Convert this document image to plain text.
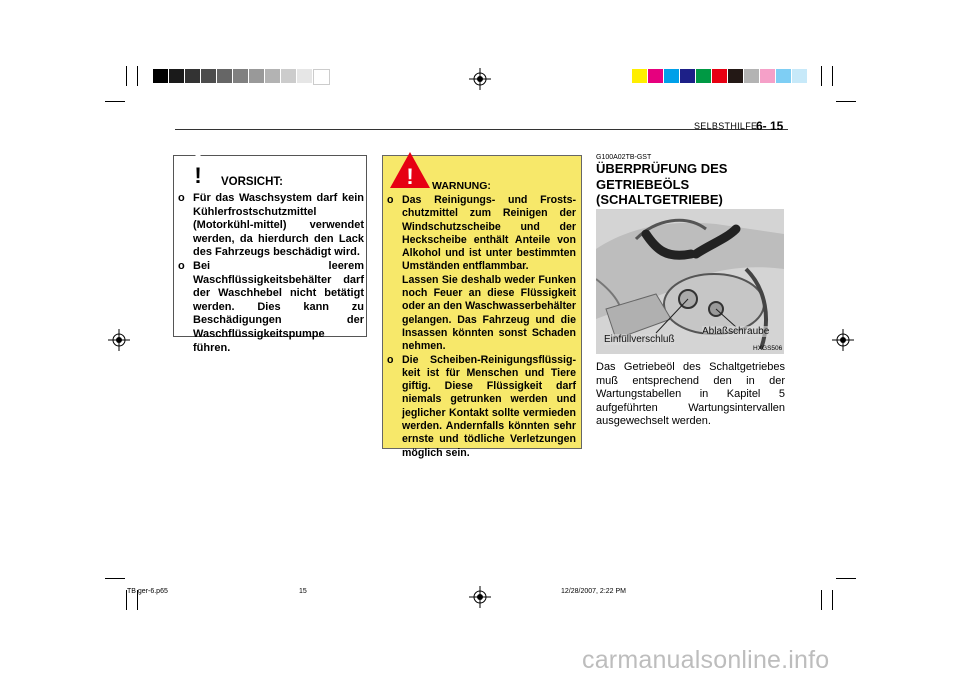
SELBSTHILFE
6- 15
! VORSICHT:
o Für das Waschsystem darf kein Kühlerfrostschutzmittel (Motorkühl-mittel) verwendet werden, da hierdurch den Lack des Fahrzeugs beschädigt wird.
o Bei leerem Waschflüssigkeitsbehälter darf der Waschhebel nicht betätigt werden. Dies kann zu Beschädigungen der Waschflüssigkeitspumpe führen.
! WARNUNG:
o Das Reinigungs- und Frosts-chutzmittel zum Reinigen der Windschutzscheibe und der Heckscheibe enthält Anteile von Alkohol und ist unter bestimmten Umständen entflammbar.
Lassen Sie deshalb weder Funken noch Feuer an diese Flüssigkeit oder an den Waschwasserbehälter gelangen. Das Fahrzeug und die Insassen könnten sonst Schaden nehmen.
o Die Scheiben-Reinigungsflüssig-keit ist für Menschen und Tiere giftig. Diese Flüssigkeit darf niemals getrunken werden und jeglicher Kontakt sollte vermieden werden. Andernfalls könnten sehr ernste und tödliche Verletzungen möglich sein.
G100A02TB-GST
ÜBERPRÜFUNG DES GETRIEBEÖLS (SCHALTGETRIEBE)
Einfüllverschluß
Ablaßschraube
HXGS506
Das Getriebeöl des Schaltgetriebes muß entsprechend den in der Wartungstabellen in Kapitel 5 aufgeführten Wartungsintervallen ausgewechselt werden.
TB ger-6.p65	15	12/28/2007, 2:22 PM
carmanualsonline.info
